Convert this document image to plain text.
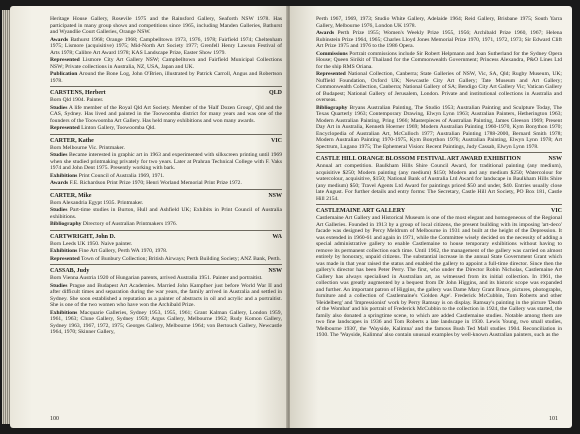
Heritage House Gallery, Rosevile 1975 and the Rainsford Gallery, Seaforth NSW 1978. Has participated in many group shows and competitions since 1965, including Manden Galleries, Bathurst and Wyandlie Court Galleries, Orange NSW.

Awards Bathurst 1968; Orange 1968; Campbelltown 1973, 1976, 1978; Fairfield 1974; Cheltenham 1975; Lismore (acquisitive) 1975; Mid-North Art Society 1977; Grenfell Henry Lawson Festival of Arts 1978; Calibre Art Award 1978; KAS Landscape Prize, Easter Show 1979.

Represented Lismore City Art Gallery NSW; Campbelltown and Fairfield Municipal Collections NSW; Private collections in Australia, NZ, USA, Japan and UK.

Publication Around the Bone Log, John O'Brien, illustrated by Patrick Carroll, Angus and Robertson 1978.

CARSTENS, Herbert	QLD

Born Qld 1904. Painter.

Studies A life member of the Royal Qld Art Society. Member of the 'Half Dozen Group', Qld and the CAS, Sydney. Has lived and painted in the Toowoomba district for many years and was one of the founders of the Toowoomba Art Gallery. Has held many exhibitions and won many awards.

Represented Linton Gallery, Toowoomba Qld.

CARTER, Kathe	VIC

Born Melbourne Vic. Printmaker.

Studies Became interested in graphic art in 1963 and experimented with silkscreen printing until 1969 when she studied printmaking privately for two years. Later at Prahran Technical College with F. Vaks 1974 and John Dent 1975. Presently working with bark.

Exhibitions Print Council of Australia 1969, 1971.

Awards F.E. Richardson Print Prize 1970; Henri Worland Memorial Print Prize 1972.

CARTER, Mike	NSW

Born Alexandria Egypt 1935. Printmaker.

Studies Part-time studies in Burton, Hull and Ashfield UK; Exhibits in Print Council of Australia exhibitions.

Bibliography Directory of Australian Printmakers 1976.

CARTWRIGHT, John D.	WA

Born Leeds UK 1950. Naive painter.

Exhibitions Fine Art Gallery, Perth WA 1970, 1978.

Represented Town of Bunbury Collection; British Airways; Perth Building Society; ANZ Bank, Perth.

CASSAB, Judy	NSW

Born Vienna Austria 1920 of Hungarian parents, arrived Australia 1951. Painter and portraitist.

Studies Prague and Budapest Art Academies. Married John Kampfner just before World War II and after difficult times and separation during the war years, the family arrived in Australia and settled in Sydney. She soon established a reputation as a painter of abstracts in oil and acrylic and a portraitist. She is one of the two women who have won the Archibald Prize.

Exhibitions Macquarie Galleries, Sydney 1953, 1955, 1961; Grant Kalman Gallery, London 1959, 1961, 1963; Clune Gallery, Sydney 1959; Argus Gallery, Melbourne 1962; Rudy Komon Gallery, Sydney 1963, 1967, 1972, 1975; Georges Gallery, Melbourne 1964; von Bertouch Gallery, Newcastle 1964, 1970; Skinner Gallery,

100

Perth 1967, 1969, 1973; Studio White Gallery, Adelaide 1964; Reid Gallery, Brisbane 1975; South Yarra Gallery, Melbourne 1976, London UK 1978.

Awards Perth Prize 1955; Women's Weekly Prize 1955, 1956; Archibald Prize 1960, 1967; Helena Rubinstein Prize 1964, 1965; Charles Lloyd Jones Memorial Prize 1970, 1971, 1972, 1973; Sir Edward Clift Art Prize 1975 and 1976 to the 1986 Opera.

Commissions Portrait commissions include Sir Robert Helpmann and Joan Sutherland for the Sydney Opera House; Queen Sirikit of Thailand for the Commonwealth Government; Princess Alexandra, P&O Lines Ltd for the ship RMS Oriana.

Represented National Collection, Canberra; State Galleries of NSW, Vic, SA, Qld; Rugby Museum, UK; Nuffield Foundation, Oxford UK; Newcastle City Art Gallery; Tate Museum and Art Gallery; Commonwealth Collection, Canberra; National Gallery of SA; Bendigo City Art Gallery Vic; Vatican Gallery of Budapest; National Gallery of Jerusalem, London. Private and institutional collections in Australia and overseas.

Bibliography Bryans Australian Painting, The Studio 1953; Australian Painting and Sculpture Today, The Texas Quarterly 1963; Contemporary Drawing, Elwyn Lynn 1963; Australian Painters, Hetherington 1963; Modern Australian Painting, Pring 1966; Masterpieces of Australian Painting, James Gleeson 1969; Present Day Art in Australia, Kenneth Hoerner 1969; Modern Australian Painting 1960-1970, Kym Bonython 1970; Encyclopedia of Australian Art, McCulloch 1977; Australian Painting 1788-2000, Bernard Smith 1978; Modern Australian Painting 1970-1975, Kym Bonython 1976; Australian Painting, Elwyn Lynn 1978; Art Spectrum, Lugano 1975; The Ephemeral Vision: Recent Paintings, Judy Cassab, Elwyn Lynn 1978.

CASTLE HILL ORANGE BLOSSOM FESTIVAL ART AWARD EXHIBITION	NSW

Annual art competition. Baulkham Hills Shire Council Award, for traditional painting (any medium), acquisitive $250; Modern painting (any medium) $150; Modern and any medium $250; Watercolour for watercolour, acquisitive, $150; National Bank of Australia Ltd Award for landscape in Baulkham Hills Shire (any medium) $50; Travel Agents Ltd Award for paintings priced $50 and under, $40. Entries usually close late August. For further details and entry forms: The Secretary, Castle Hill Art Society, PO Box 181, Castle Hill 2154.

CASTLEMAINE ART GALLERY	VIC

Castlemaine Art Gallery and Historical Museum is one of the most elegant and homogeneous of the Regional Art Galleries. Founded in 1913 by a group of local citizens, the present building with its imposing 'art-deco' facade was designed by Percy Meldrum of Melbourne in 1931 and built at the height of the Depression. It was extended in 1960-61 and again in 1971, while the Committee wisely decided on the necessity of adding a special administrative gallery to enable Castlemaine to house temporary exhibitions without having to remove its permanent collection each time. Until 1962, the management of the gallery was carried on almost entirely by honorary, unpaid citizens. The substantial increase in the annual State Government Grant which was made in that year raised the status and enabled the gallery to appoint a full-time director. Since then the gallery's director has been Peter Perry. The first, who under the Director Robin Nicholas, Castlemaine Art Gallery has always specialised in Australian art, as witnessed from its initial collection. In 1961, the collection was greatly augmented by a bequest from Dr John Higgins, and its historic scope was expanded and further. An important patron of Higgins, the gallery was Dame Mary Grant Bruce, pictures, photographs, furniture and a collection of Castlemaine's 'Golden Age'. Frederick McCubbin, Tom Roberts and other 'Heidelberg' and 'Impressionist' work by Perry Ramsay is on display. Ramsay's painting in the picture 'Death of the Wombat' and his portrait of Frederick McCubbin to the collection in 1924, the Gallery was started, the family also donated a springtime scene, to which are added Castlemaine studies. Notable among them are two fine landscapes in 1936 and Tom Roberts a late landscape in 1930. Lewis Young, two small studies, 'Melbourne 1930', the 'Wayside, Kalimna' and the famous Bush Ted Mall studies 1904. Reconciliation in 1930. The 'Wayside, Kalimna' also contain unusual examples by well-known Australian painters, such as the

101
